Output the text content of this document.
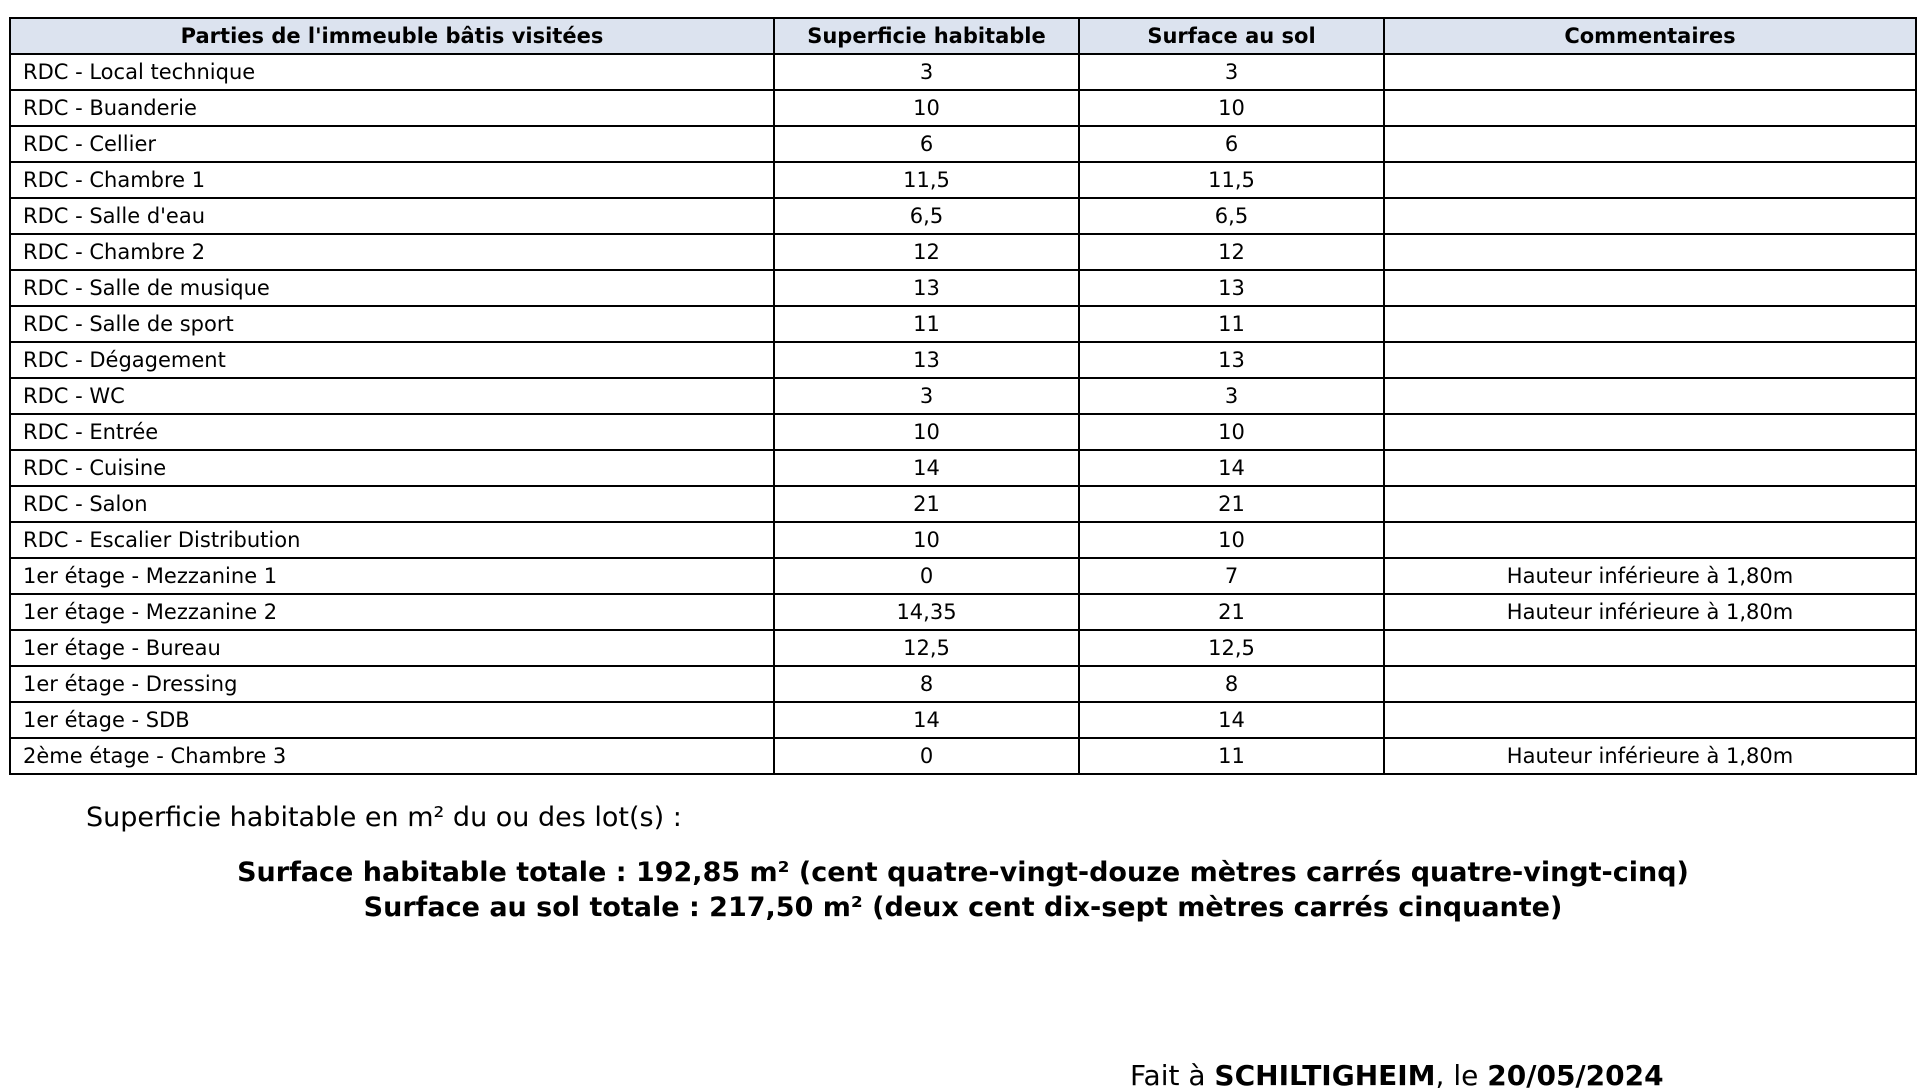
Parties de l'immeuble bâtis visitées	Superficie habitable	Surface au sol	Commentaires
RDC - Local technique	3	3	
RDC - Buanderie	10	10	
RDC - Cellier	6	6	
RDC - Chambre 1	11,5	11,5	
RDC - Salle d'eau	6,5	6,5	
RDC - Chambre 2	12	12	
RDC - Salle de musique	13	13	
RDC - Salle de sport	11	11	
RDC - Dégagement	13	13	
RDC - WC	3	3	
RDC - Entrée	10	10	
RDC - Cuisine	14	14	
RDC - Salon	21	21	
RDC - Escalier Distribution	10	10	
1er étage - Mezzanine 1	0	7	Hauteur inférieure à 1,80m
1er étage - Mezzanine 2	14,35	21	Hauteur inférieure à 1,80m
1er étage - Bureau	12,5	12,5	
1er étage - Dressing	8	8	
1er étage - SDB	14	14	
2ème étage - Chambre 3	0	11	Hauteur inférieure à 1,80m
Superficie habitable en m² du ou des lot(s) :
Surface habitable totale : 192,85 m² (cent quatre-vingt-douze mètres carrés quatre-vingt-cinq)
Surface au sol totale : 217,50 m² (deux cent dix-sept mètres carrés cinquante)
Fait à SCHILTIGHEIM, le 20/05/2024
